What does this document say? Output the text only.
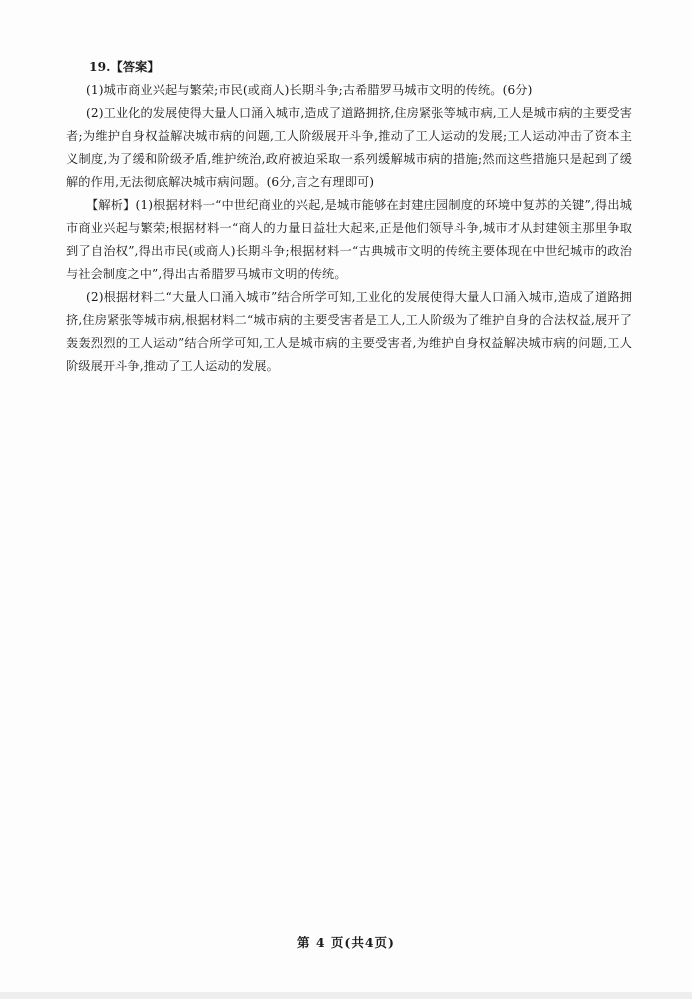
19.【答案】

(1)城市商业兴起与繁荣;市民(或商人)长期斗争;古希腊罗马城市文明的传统。(6分)

(2)工业化的发展使得大量人口涌入城市,造成了道路拥挤,住房紧张等城市病,工人是城市病的主要受害者;为维护自身权益解决城市病的问题,工人阶级展开斗争,推动了工人运动的发展;工人运动冲击了资本主义制度,为了缓和阶级矛盾,维护统治,政府被迫采取一系列缓解城市病的措施;然而这些措施只是起到了缓解的作用,无法彻底解决城市病问题。(6分,言之有理即可)

【解析】(1)根据材料一“中世纪商业的兴起,是城市能够在封建庄园制度的环境中复苏的关键”,得出城市商业兴起与繁荣;根据材料一“商人的力量日益壮大起来,正是他们领导斗争,城市才从封建领主那里争取到了自治权”,得出市民(或商人)长期斗争;根据材料一“古典城市文明的传统主要体现在中世纪城市的政治与社会制度之中”,得出古希腊罗马城市文明的传统。

(2)根据材料二“大量人口涌入城市”结合所学可知,工业化的发展使得大量人口涌入城市,造成了道路拥挤,住房紧张等城市病,根据材料二“城市病的主要受害者是工人,工人阶级为了维护自身的合法权益,展开了轰轰烈烈的工人运动”结合所学可知,工人是城市病的主要受害者,为维护自身权益解决城市病的问题,工人阶级展开斗争,推动了工人运动的发展。

第 4 页(共4页)
